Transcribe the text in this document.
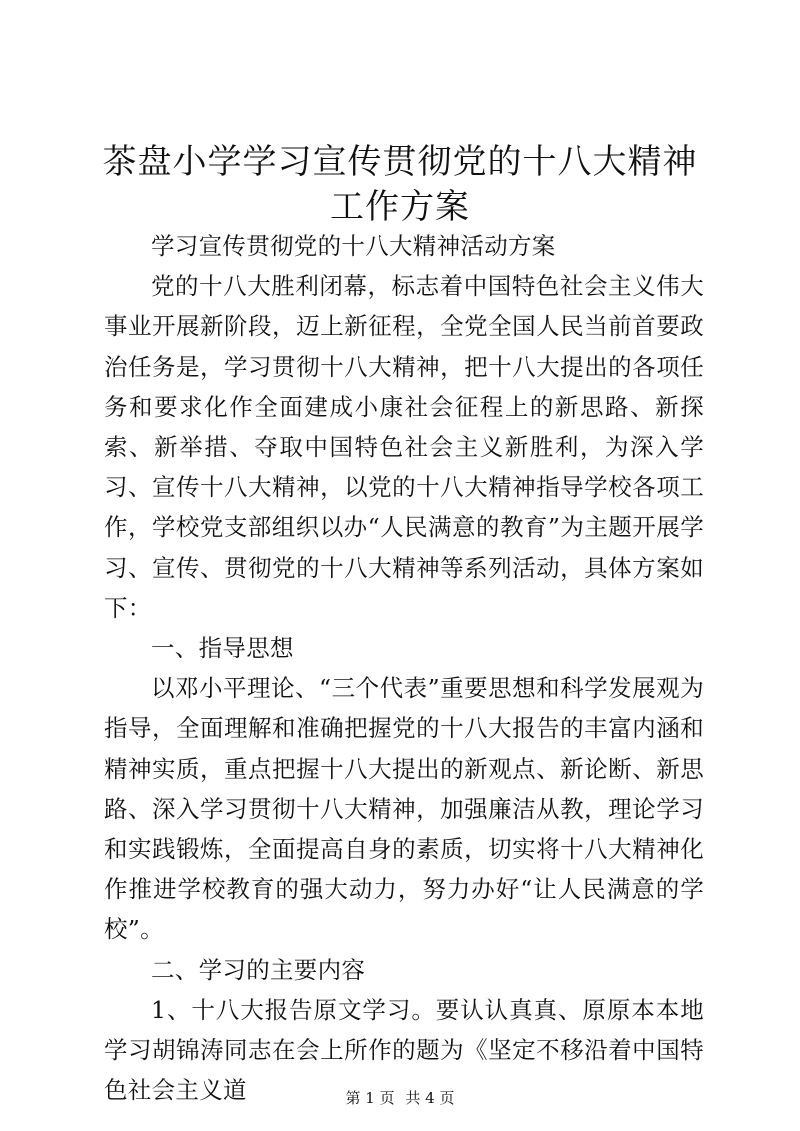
茶盘小学学习宣传贯彻党的十八大精神工作方案

学习宣传贯彻党的十八大精神活动方案

党的十八大胜利闭幕，标志着中国特色社会主义伟大事业开展新阶段，迈上新征程，全党全国人民当前首要政治任务是，学习贯彻十八大精神，把十八大提出的各项任务和要求化作全面建成小康社会征程上的新思路、新探索、新举措、夺取中国特色社会主义新胜利，为深入学习、宣传十八大精神，以党的十八大精神指导学校各项工作，学校党支部组织以办“人民满意的教育”为主题开展学习、宣传、贯彻党的十八大精神等系列活动，具体方案如下：

一、指导思想

以邓小平理论、“三个代表”重要思想和科学发展观为指导，全面理解和准确把握党的十八大报告的丰富内涵和精神实质，重点把握十八大提出的新观点、新论断、新思路、深入学习贯彻十八大精神，加强廉洁从教，理论学习和实践锻炼，全面提高自身的素质，切实将十八大精神化作推进学校教育的强大动力，努力办好“让人民满意的学校”。

二、学习的主要内容

1、十八大报告原文学习。要认认真真、原原本本地学习胡锦涛同志在会上所作的题为《坚定不移沿着中国特色社会主义道	第 1 页 共 4 页
